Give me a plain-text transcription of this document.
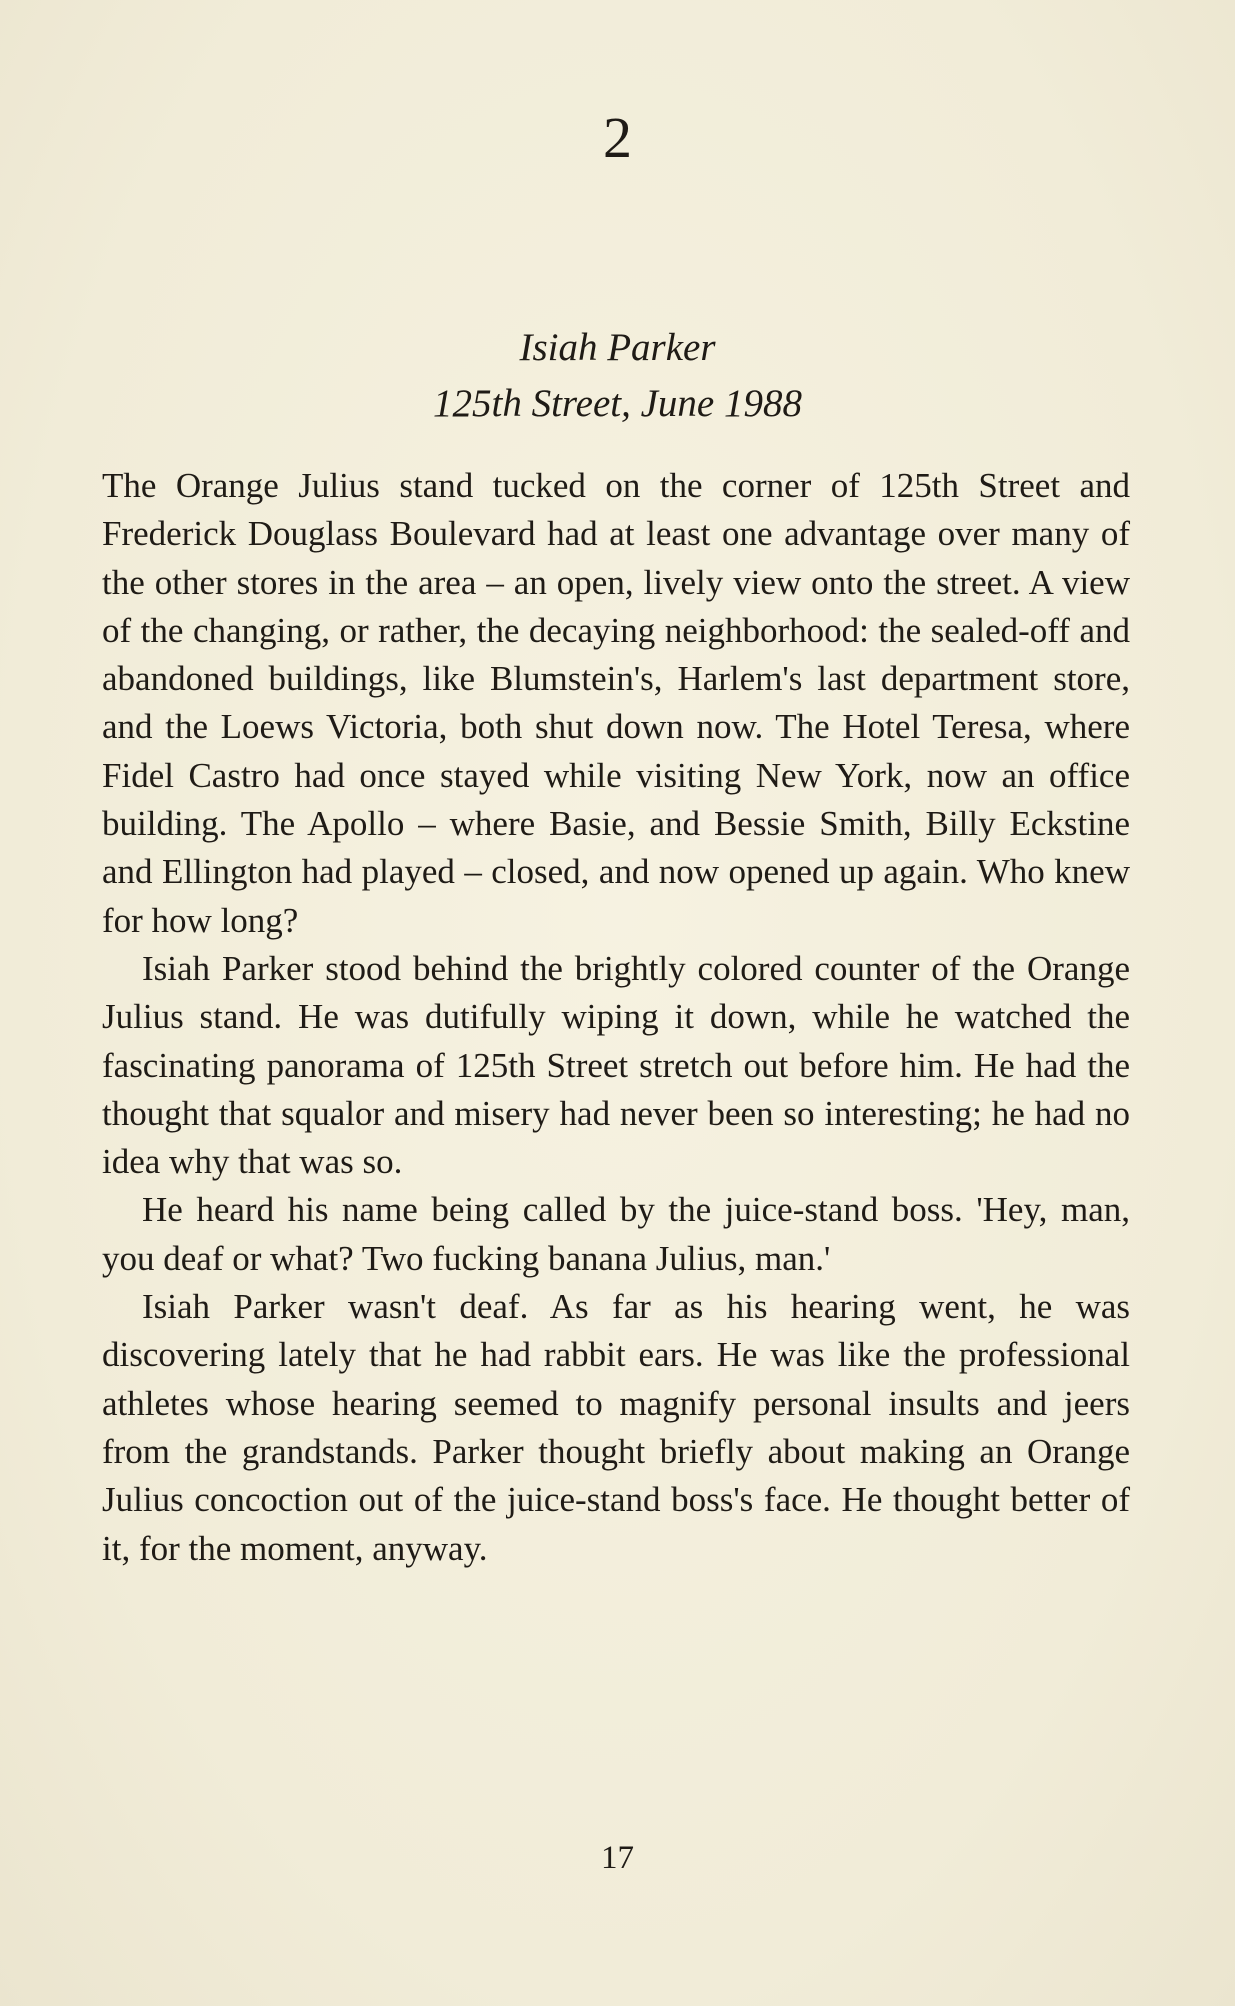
2
Isiah Parker
125th Street, June 1988

The Orange Julius stand tucked on the corner of 125th Street and Frederick Douglass Boulevard had at least one advantage over many of the other stores in the area – an open, lively view onto the street. A view of the changing, or rather, the decaying neighborhood: the sealed-off and abandoned buildings, like Blumstein's, Harlem's last department store, and the Loews Victoria, both shut down now. The Hotel Teresa, where Fidel Castro had once stayed while visiting New York, now an office building. The Apollo – where Basie, and Bessie Smith, Billy Eckstine and Ellington had played – closed, and now opened up again. Who knew for how long?

Isiah Parker stood behind the brightly colored counter of the Orange Julius stand. He was dutifully wiping it down, while he watched the fascinating panorama of 125th Street stretch out before him. He had the thought that squalor and misery had never been so interesting; he had no idea why that was so.

He heard his name being called by the juice-stand boss. 'Hey, man, you deaf or what? Two fucking banana Julius, man.'

Isiah Parker wasn't deaf. As far as his hearing went, he was discovering lately that he had rabbit ears. He was like the professional athletes whose hearing seemed to magnify personal insults and jeers from the grandstands. Parker thought briefly about making an Orange Julius concoction out of the juice-stand boss's face. He thought better of it, for the moment, anyway.

17
